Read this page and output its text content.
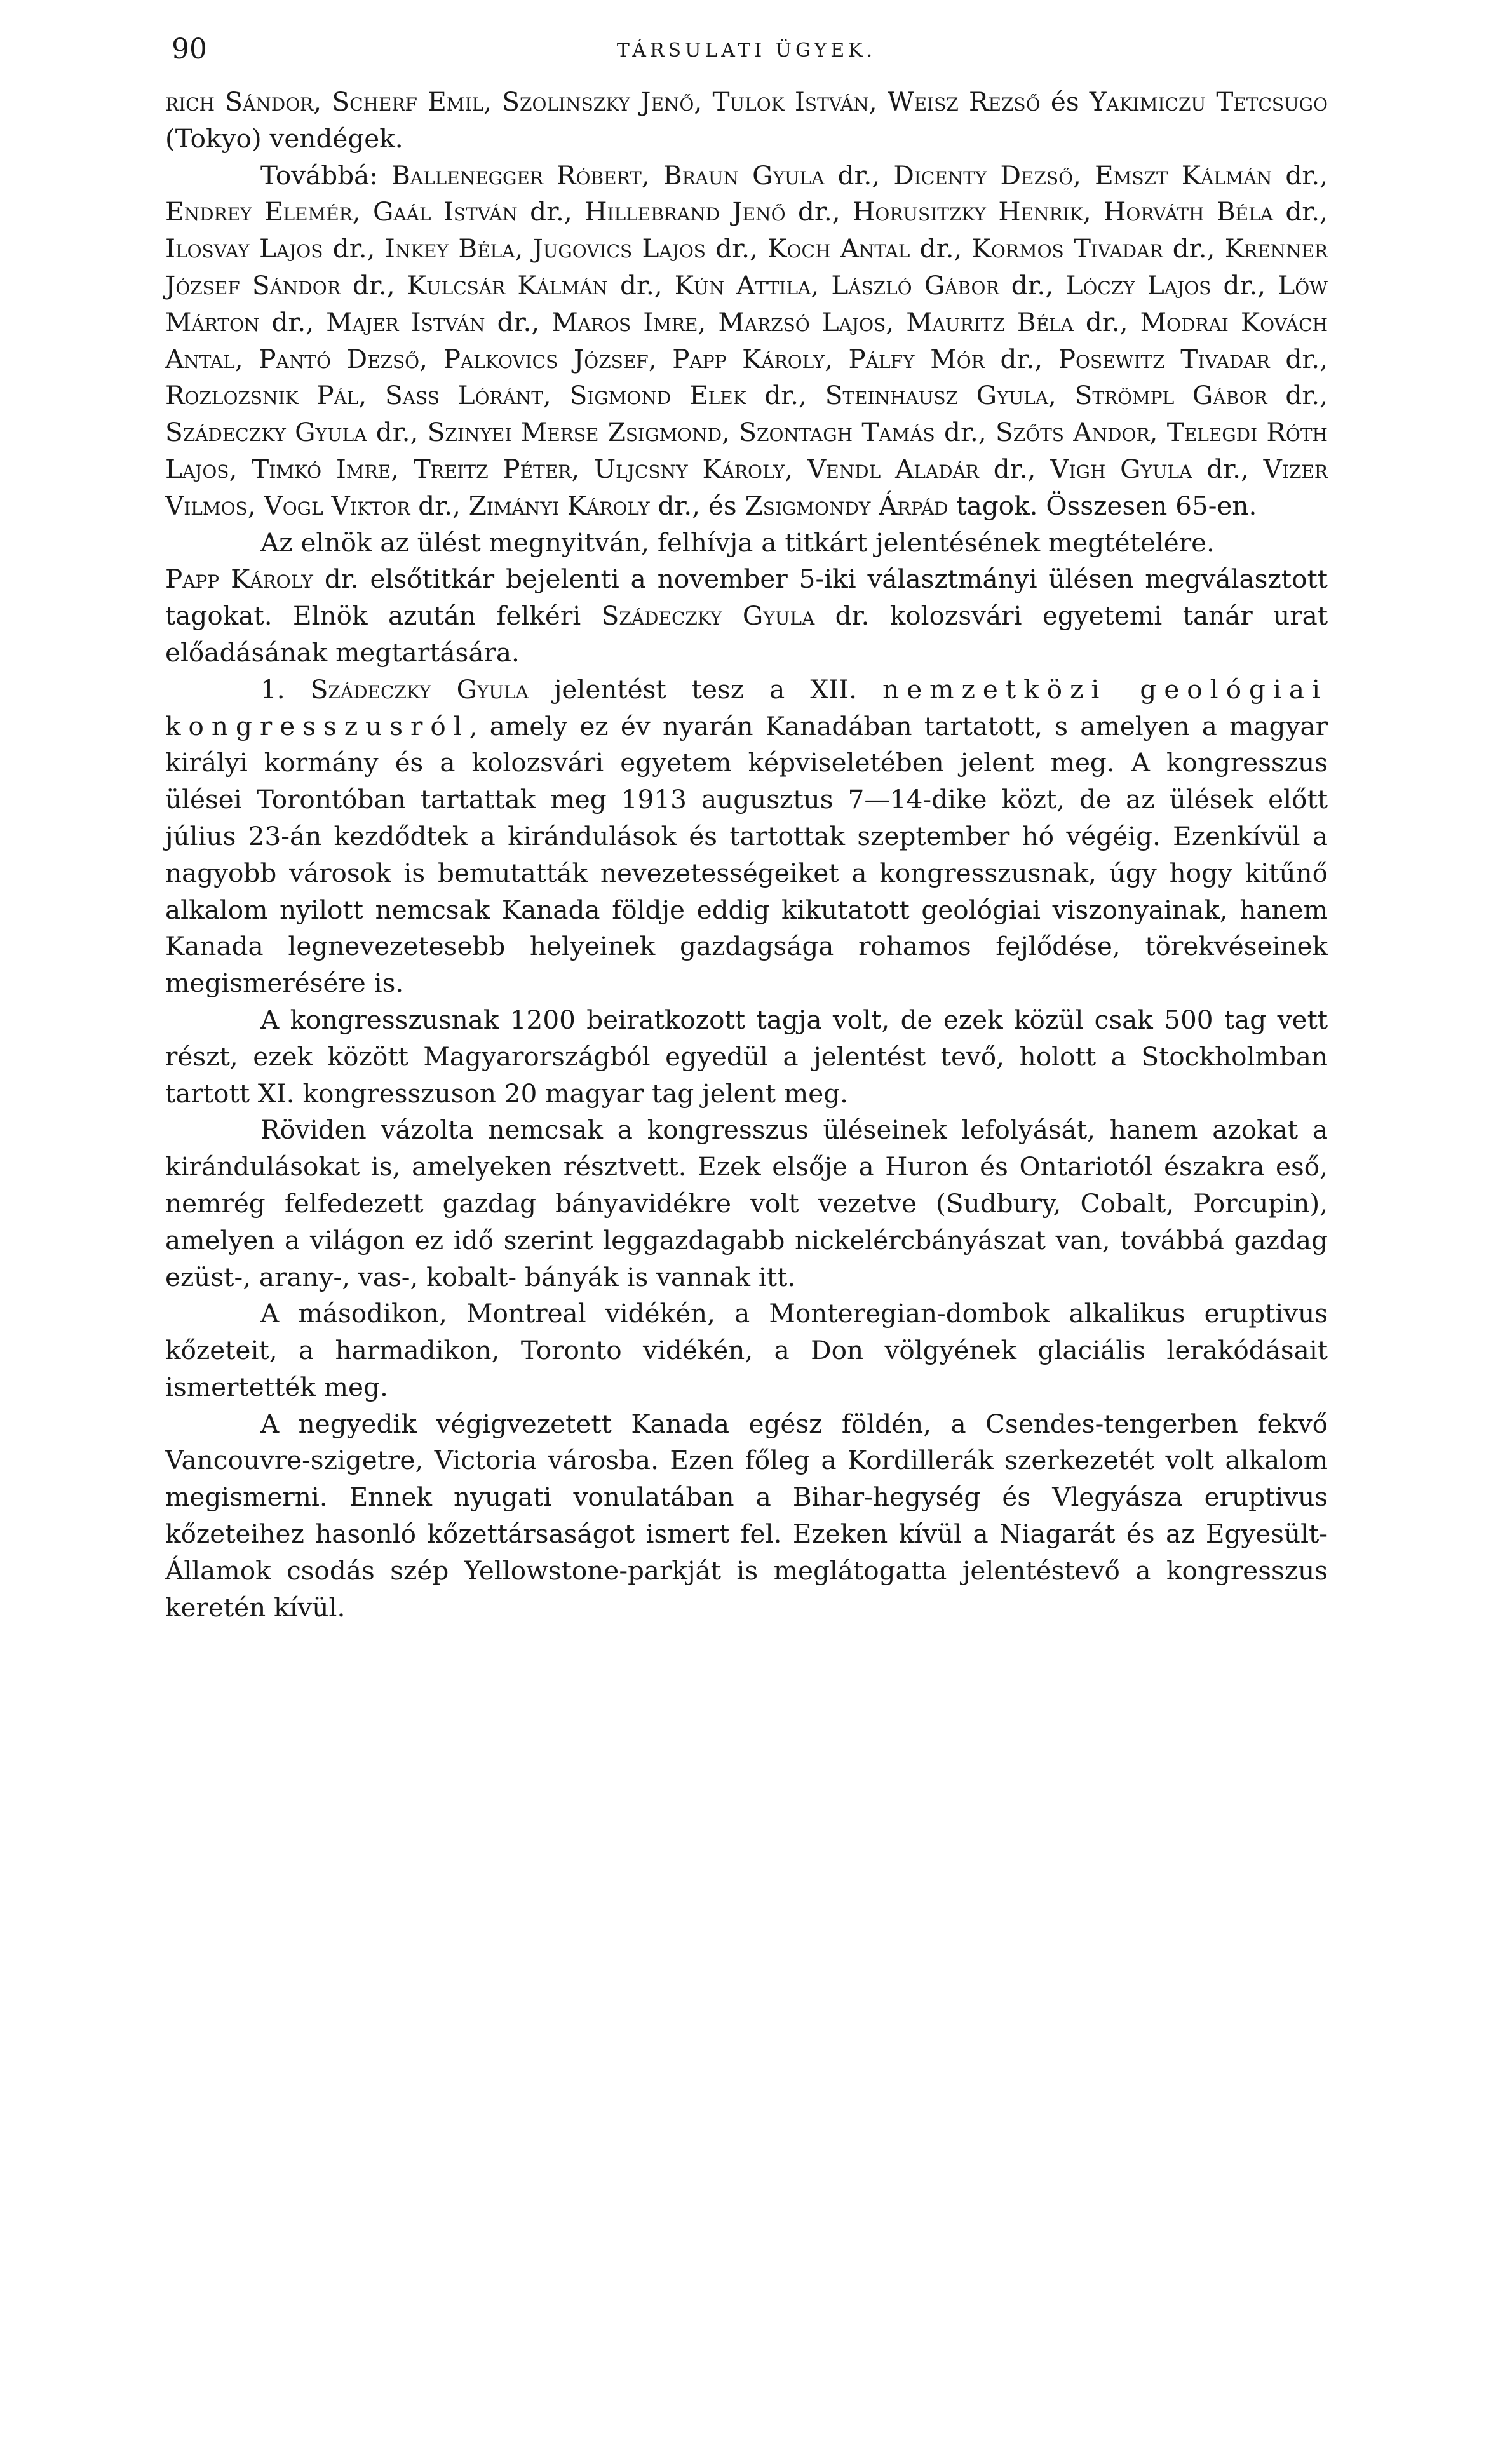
90	TÁRSULATI ÜGYEK.

rich Sándor, Scherf Emil, Szolinszky Jenő, Tulok István, Weisz Rezső és Yakimiczu Tetcsugo (Tokyo) vendégek.

Továbbá: Ballenegger Róbert, Braun Gyula dr., Dicenty Dezső, Emszt Kálmán dr., Endrey Elemér, Gaál István dr., Hillebrand Jenő dr., Horusitzky Henrik, Horváth Béla dr., Ilosvay Lajos dr., Inkey Béla, Jugovics Lajos dr., Koch Antal dr., Kormos Tivadar dr., Krenner József Sándor dr., Kulcsár Kálmán dr., Kún Attila, László Gábor dr., Lóczy Lajos dr., Lőw Márton dr., Majer István dr., Maros Imre, Marzsó Lajos, Mauritz Béla dr., Modrai Kovách Antal, Pantó Dezső, Palkovics József, Papp Károly, Pálfy Mór dr., Posewitz Tivadar dr., Rozlozsnik Pál, Sass Lóránt, Sigmond Elek dr., Steinhausz Gyula, Strömpl Gábor dr., Szádeczky Gyula dr., Szinyei Merse Zsigmond, Szontagh Tamás dr., Szőts Andor, Telegdi Róth Lajos, Timkó Imre, Treitz Péter, Uljcsny Károly, Vendl Aladár dr., Vigh Gyula dr., Vizer Vilmos, Vogl Viktor dr., Zimányi Károly dr., és Zsigmondy Árpád tagok. Összesen 65-en.

Az elnök az ülést megnyitván, felhívja a titkárt jelentésének megtételére.

Papp Károly dr. elsőtitkár bejelenti a november 5-iki választmányi ülésen megválasztott tagokat. Elnök azután felkéri Szádeczky Gyula dr. kolozsvári egyetemi tanár urat előadásának megtartására.

1. Szádeczky Gyula jelentést tesz a XII. nemzetközi geológiai kongresszusról, amely ez év nyarán Kanadában tartatott, s amelyen a magyar királyi kormány és a kolozsvári egyetem képviseletében jelent meg. A kongresszus ülései Torontóban tartattak meg 1913 augusztus 7—14-dike közt, de az ülések előtt július 23-án kezdődtek a kirándulások és tartottak szeptember hó végéig. Ezenkívül a nagyobb városok is bemutatták nevezetességeiket a kongresszusnak, úgy hogy kitűnő alkalom nyilott nemcsak Kanada földje eddig kikutatott geológiai viszonyainak, hanem Kanada legnevezetesebb helyeinek gazdagsága rohamos fejlődése, törekvéseinek megismerésére is.

A kongresszusnak 1200 beiratkozott tagja volt, de ezek közül csak 500 tag vett részt, ezek között Magyarországból egyedül a jelentést tevő, holott a Stockholmban tartott XI. kongresszuson 20 magyar tag jelent meg.

Röviden vázolta nemcsak a kongresszus üléseinek lefolyását, hanem azokat a kirándulásokat is, amelyeken résztvett. Ezek elsője a Huron és Ontariotól északra eső, nemrég felfedezett gazdag bányavidékre volt vezetve (Sudbury, Cobalt, Porcupin), amelyen a világon ez idő szerint leggazdagabb nickelércbányászat van, továbbá gazdag ezüst-, arany-, vas-, kobalt- bányák is vannak itt.

A másodikon, Montreal vidékén, a Monteregian-dombok alkalikus eruptivus kőzeteit, a harmadikon, Toronto vidékén, a Don völgyének glaciális lerakódásait ismertették meg.

A negyedik végigvezetett Kanada egész földén, a Csendes-tengerben fekvő Vancouvre-szigetre, Victoria városba. Ezen főleg a Kordillerák szerkezetét volt alkalom megismerni. Ennek nyugati vonulatában a Bihar-hegység és Vlegyásza eruptivus kőzeteihez hasonló kőzettársaságot ismert fel. Ezeken kívül a Niagarát és az Egyesült-Államok csodás szép Yellowstone-parkját is meglátogatta jelentéstevő a kongresszus keretén kívül.
